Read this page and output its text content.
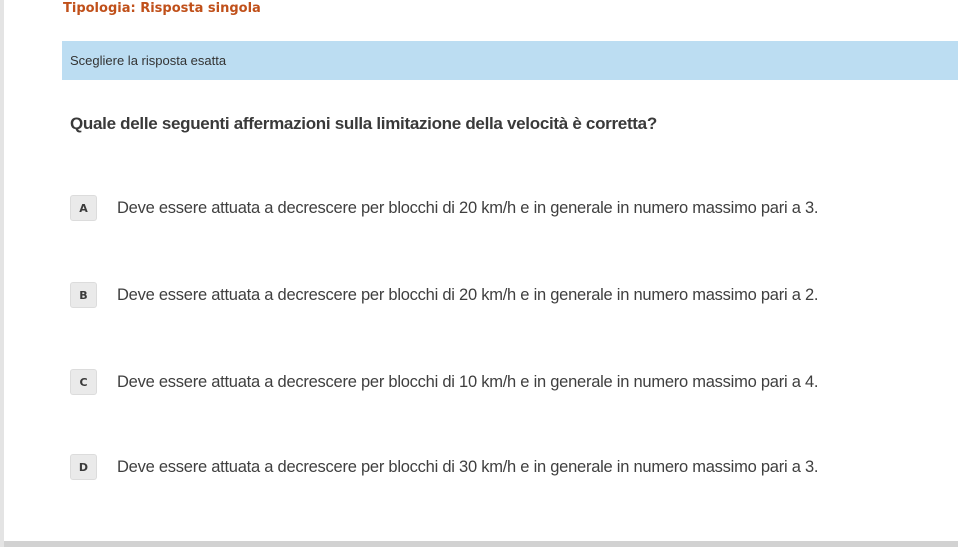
Tipologia: Risposta singola
Scegliere la risposta esatta
Quale delle seguenti affermazioni sulla limitazione della velocità è corretta?
A	Deve essere attuata a decrescere per blocchi di 20 km/h e in generale in numero massimo pari a 3.
B	Deve essere attuata a decrescere per blocchi di 20 km/h e in generale in numero massimo pari a 2.
C	Deve essere attuata a decrescere per blocchi di 10 km/h e in generale in numero massimo pari a 4.
D	Deve essere attuata a decrescere per blocchi di 30 km/h e in generale in numero massimo pari a 3.
